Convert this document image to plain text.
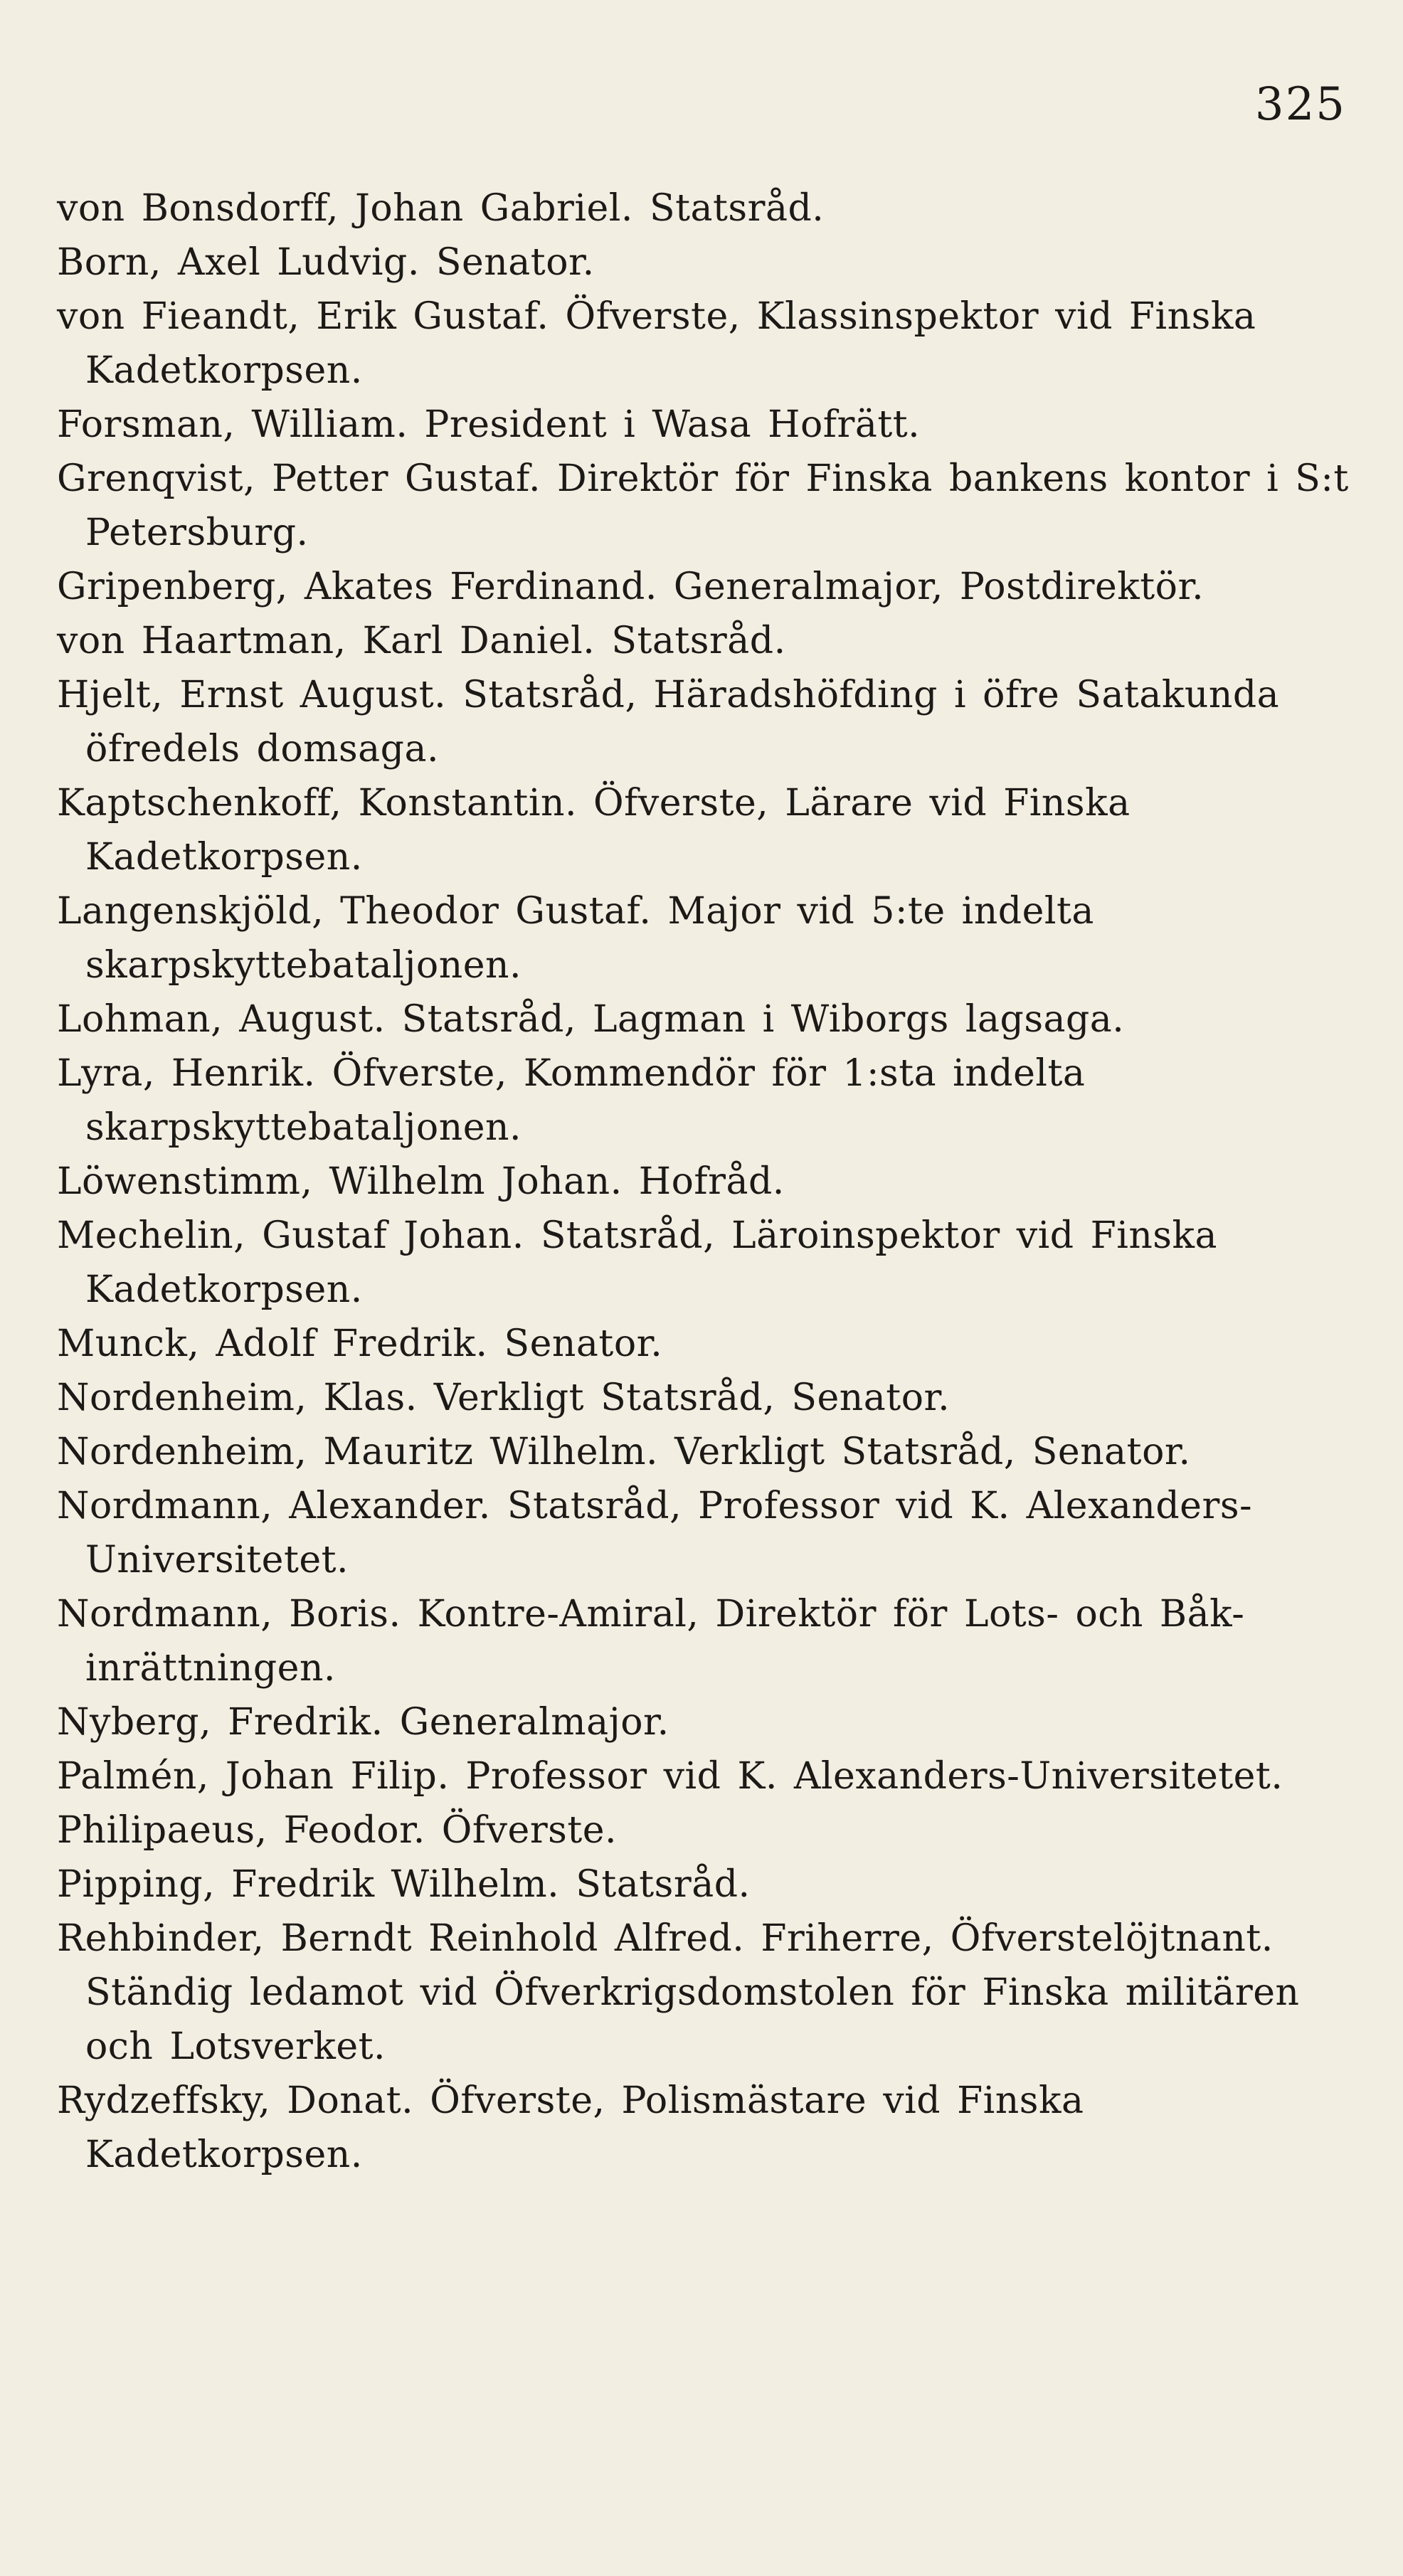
325

von Bonsdorff, Johan Gabriel. Statsråd.

Born, Axel Ludvig. Senator.

von Fieandt, Erik Gustaf. Öfverste, Klassinspektor vid Finska Kadetkorpsen.

Forsman, William. President i Wasa Hofrätt.

Grenqvist, Petter Gustaf. Direktör för Finska bankens kontor i S:t Petersburg.

Gripenberg, Akates Ferdinand. Generalmajor, Postdirektör.

von Haartman, Karl Daniel. Statsråd.

Hjelt, Ernst August. Statsråd, Häradshöfding i öfre Satakunda öfredels domsaga.

Kaptschenkoff, Konstantin. Öfverste, Lärare vid Finska Kadetkorpsen.

Langenskjöld, Theodor Gustaf. Major vid 5:te indelta skarpskyttebataljonen.

Lohman, August. Statsråd, Lagman i Wiborgs lagsaga.

Lyra, Henrik. Öfverste, Kommendör för 1:sta indelta skarpskyttebataljonen.

Löwenstimm, Wilhelm Johan. Hofråd.

Mechelin, Gustaf Johan. Statsråd, Läroinspektor vid Finska Kadetkorpsen.

Munck, Adolf Fredrik. Senator.

Nordenheim, Klas. Verkligt Statsråd, Senator.

Nordenheim, Mauritz Wilhelm. Verkligt Statsråd, Senator.

Nordmann, Alexander. Statsråd, Professor vid K. Alexanders-Universitetet.

Nordmann, Boris. Kontre-Amiral, Direktör för Lots- och Båk-inrättningen.

Nyberg, Fredrik. Generalmajor.

Palmén, Johan Filip. Professor vid K. Alexanders-Universitetet.

Philipaeus, Feodor. Öfverste.

Pipping, Fredrik Wilhelm. Statsråd.

Rehbinder, Berndt Reinhold Alfred. Friherre, Öfverstelöjtnant. Ständig ledamot vid Öfverkrigsdomstolen för Finska militären och Lotsverket.

Rydzeffsky, Donat. Öfverste, Polismästare vid Finska Kadetkorpsen.
